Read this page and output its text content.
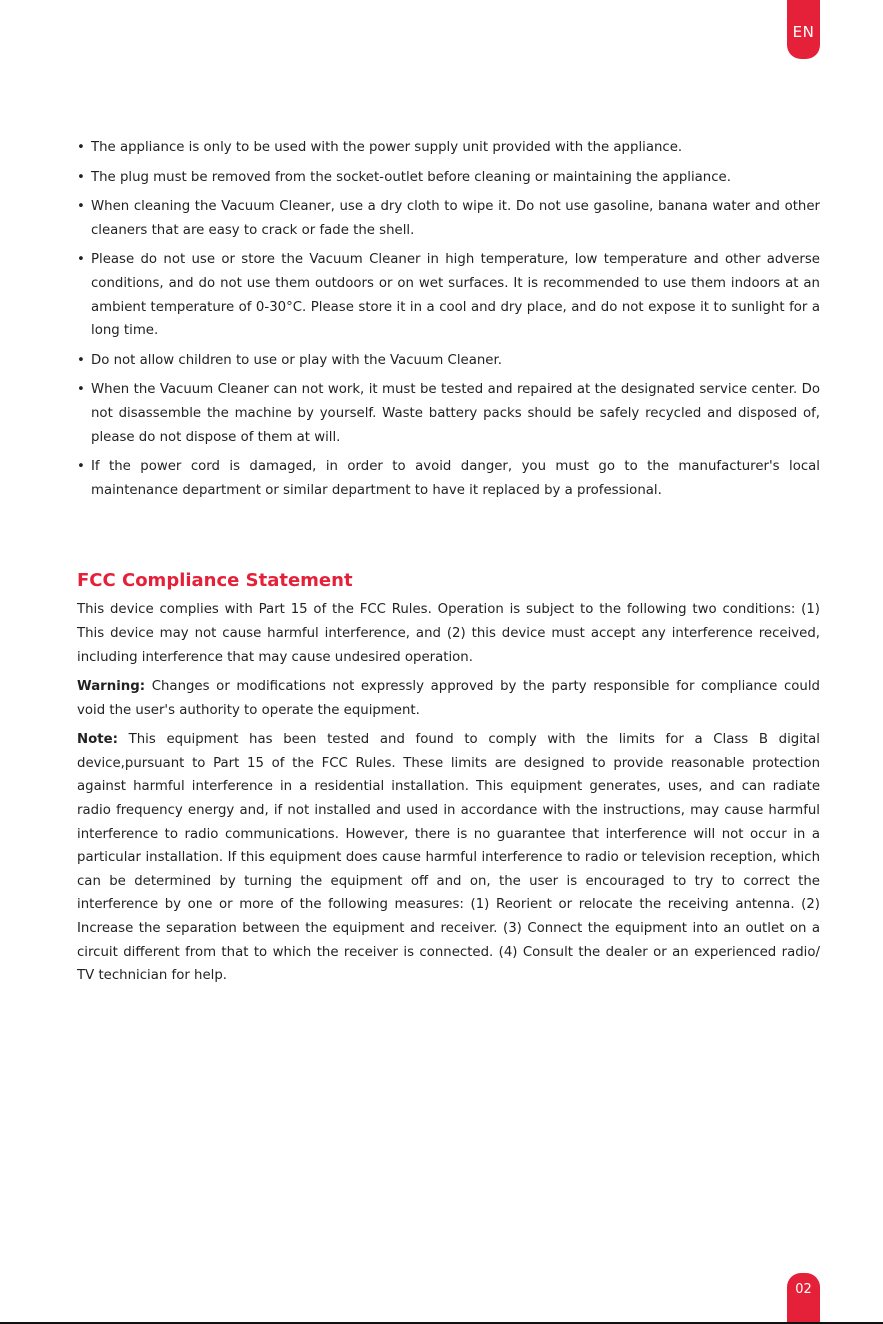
EN
• The appliance is only to be used with the power supply unit provided with the appliance.
• The plug must be removed from the socket-outlet before cleaning or maintaining the appliance.
• When cleaning the Vacuum Cleaner, use a dry cloth to wipe it. Do not use gasoline, banana water and other cleaners that are easy to crack or fade the shell.
• Please do not use or store the Vacuum Cleaner in high temperature, low temperature and other adverse conditions, and do not use them outdoors or on wet surfaces. It is recommended to use them indoors at an ambient temperature of 0-30°C. Please store it in a cool and dry place, and do not expose it to sunlight for a long time.
• Do not allow children to use or play with the Vacuum Cleaner.
• When the Vacuum Cleaner can not work, it must be tested and repaired at the designated service center. Do not disassemble the machine by yourself. Waste battery packs should be safely recycled and disposed of, please do not dispose of them at will.
• If the power cord is damaged, in order to avoid danger, you must go to the manufacturer's local maintenance department or similar department to have it replaced by a professional.
FCC Compliance Statement

This device complies with Part 15 of the FCC Rules. Operation is subject to the following two conditions: (1) This device may not cause harmful interference, and (2) this device must accept any interference received, including interference that may cause undesired operation.

Warning: Changes or modifications not expressly approved by the party responsible for compliance could void the user's authority to operate the equipment.

Note: This equipment has been tested and found to comply with the limits for a Class B digital device,pursuant to Part 15 of the FCC Rules. These limits are designed to provide reasonable protection against harmful interference in a residential installation. This equipment generates, uses, and can radiate radio frequency energy and, if not installed and used in accordance with the instructions, may cause harmful interference to radio communications. However, there is no guarantee that interference will not occur in a particular installation. If this equipment does cause harmful interference to radio or television reception, which can be determined by turning the equipment off and on, the user is encouraged to try to correct the interference by one or more of the following measures: (1) Reorient or relocate the receiving antenna. (2) Increase the separation between the equipment and receiver. (3) Connect the equipment into an outlet on a circuit different from that to which the receiver is connected. (4) Consult the dealer or an experienced radio/ TV technician for help.

02
